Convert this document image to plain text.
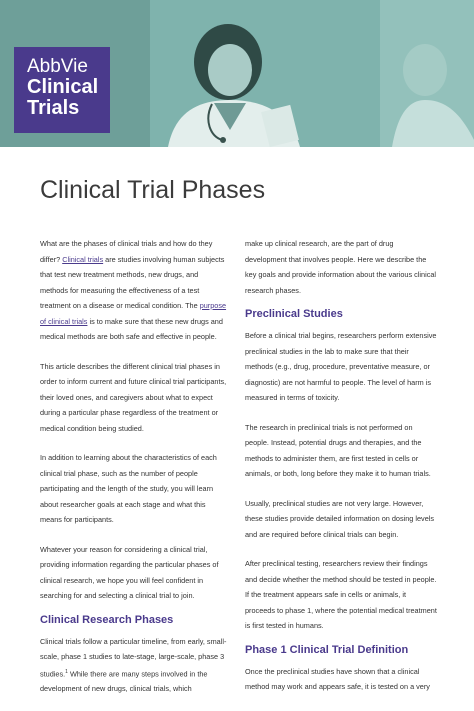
AbbVie
Clinical
Trials
Clinical Trial Phases

What are the phases of clinical trials and how do they differ? Clinical trials are studies involving human subjects that test new treatment methods, new drugs, and methods for measuring the effectiveness of a test treatment on a disease or medical condition. The purpose of clinical trials is to make sure that these new drugs and medical methods are both safe and effective in people.

This article describes the different clinical trial phases in order to inform current and future clinical trial participants, their loved ones, and caregivers about what to expect during a particular phase regardless of the treatment or medical condition being studied.

In addition to learning about the characteristics of each clinical trial phase, such as the number of people participating and the length of the study, you will learn about researcher goals at each stage and what this means for participants.

Whatever your reason for considering a clinical trial, providing information regarding the particular phases of clinical research, we hope you will feel confident in searching for and selecting a clinical trial to join.

Clinical Research Phases

Clinical trials follow a particular timeline, from early, small-scale, phase 1 studies to late-stage, large-scale, phase 3 studies.$^1$ While there are many steps involved in the development of new drugs, clinical trials, which

make up clinical research, are the part of drug development that involves people. Here we describe the key goals and provide information about the various clinical research phases.

Preclinical Studies

Before a clinical trial begins, researchers perform extensive preclinical studies in the lab to make sure that their methods (e.g., drug, procedure, preventative measure, or diagnostic) are not harmful to people. The level of harm is measured in terms of toxicity.

The research in preclinical trials is not performed on people. Instead, potential drugs and therapies, and the methods to administer them, are first tested in cells or animals, or both, long before they make it to human trials.

Usually, preclinical studies are not very large. However, these studies provide detailed information on dosing levels and are required before clinical trials can begin.

After preclinical testing, researchers review their findings and decide whether the method should be tested in people. If the treatment appears safe in cells or animals, it proceeds to phase 1, where the potential medical treatment is first tested in humans.

Phase 1 Clinical Trial Definition

Once the preclinical studies have shown that a clinical method may work and appears safe, it is tested on a very
